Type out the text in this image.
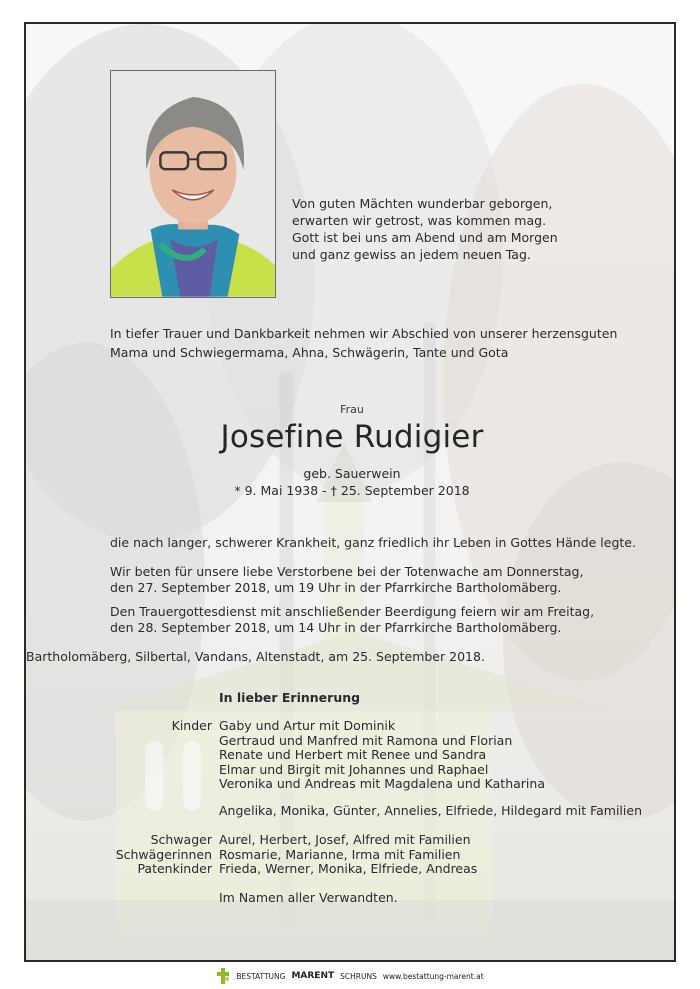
Von guten Mächten wunderbar geborgen,
erwarten wir getrost, was kommen mag.
Gott ist bei uns am Abend und am Morgen
und ganz gewiss an jedem neuen Tag.
In tiefer Trauer und Dankbarkeit nehmen wir Abschied von unserer herzensguten
Mama und Schwiegermama, Ahna, Schwägerin, Tante und Gota
Frau
Josefine Rudigier
geb. Sauerwein
* 9. Mai 1938 - † 25. September 2018
die nach langer, schwerer Krankheit, ganz friedlich ihr Leben in Gottes Hände legte.
Wir beten für unsere liebe Verstorbene bei der Totenwache am Donnerstag,
den 27. September 2018, um 19 Uhr in der Pfarrkirche Bartholomäberg.
Den Trauergottesdienst mit anschließender Beerdigung feiern wir am Freitag,
den 28. September 2018, um 14 Uhr in der Pfarrkirche Bartholomäberg.
Bartholomäberg, Silbertal, Vandans, Altenstadt, am 25. September 2018.
In lieber Erinnerung
Kinder Gaby und Artur mit Dominik
Gertraud und Manfred mit Ramona und Florian
Renate und Herbert mit Renee und Sandra
Elmar und Birgit mit Johannes und Raphael
Veronika und Andreas mit Magdalena und Katharina
Angelika, Monika, Günter, Annelies, Elfriede, Hildegard mit Familien
Schwager Aurel, Herbert, Josef, Alfred mit Familien
Schwägerinnen Rosmarie, Marianne, Irma mit Familien
Patenkinder Frieda, Werner, Monika, Elfriede, Andreas
Im Namen aller Verwandten.
BESTATTUNG MARENT SCHRUNS www.bestattung-marent.at
